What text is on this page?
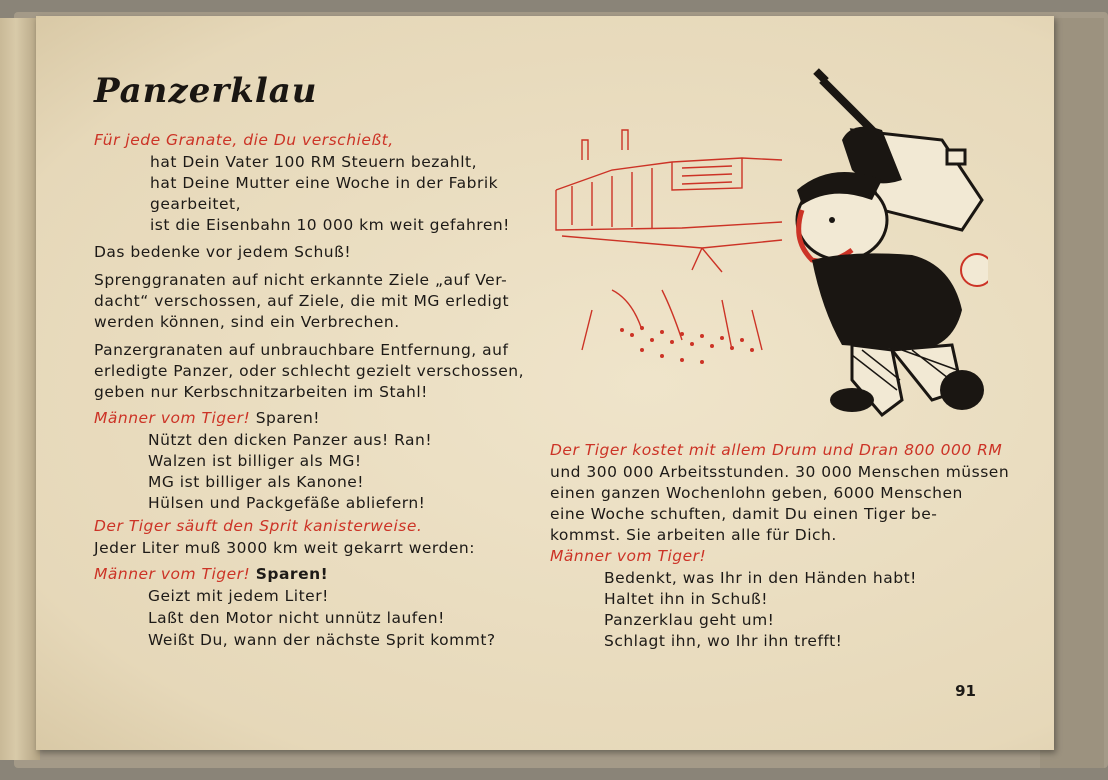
Panzerklau
Für jede Granate, die Du verschießt,
hat Dein Vater 100 RM Steuern bezahlt,
hat Deine Mutter eine Woche in der Fabrik
gearbeitet,
ist die Eisenbahn 10 000 km weit gefahren!
Das bedenke vor jedem Schuß!
Sprenggranaten auf nicht erkannte Ziele „auf Ver-
dacht“ verschossen, auf Ziele, die mit MG erledigt
werden können, sind ein Verbrechen.
Panzergranaten auf unbrauchbare Entfernung, auf
erledigte Panzer, oder schlecht gezielt verschossen,
geben nur Kerbschnitzarbeiten im Stahl!
Männer vom Tiger! Sparen!
Nützt den dicken Panzer aus! Ran!
Walzen ist billiger als MG!
MG ist billiger als Kanone!
Hülsen und Packgefäße abliefern!
Der Tiger säuft den Sprit kanisterweise.
Jeder Liter muß 3000 km weit gekarrt werden:
Männer vom Tiger! Sparen!
Geizt mit jedem Liter!
Laßt den Motor nicht unnütz laufen!
Weißt Du, wann der nächste Sprit kommt?
Der Tiger kostet mit allem Drum und Dran 800 000 RM
und 300 000 Arbeitsstunden. 30 000 Menschen müssen
einen ganzen Wochenlohn geben, 6000 Menschen
eine Woche schuften, damit Du einen Tiger be-
kommst. Sie arbeiten alle für Dich.
Männer vom Tiger!
Bedenkt, was Ihr in den Händen habt!
Haltet ihn in Schuß!
Panzerklau geht um!
Schlagt ihn, wo Ihr ihn trefft!
91
